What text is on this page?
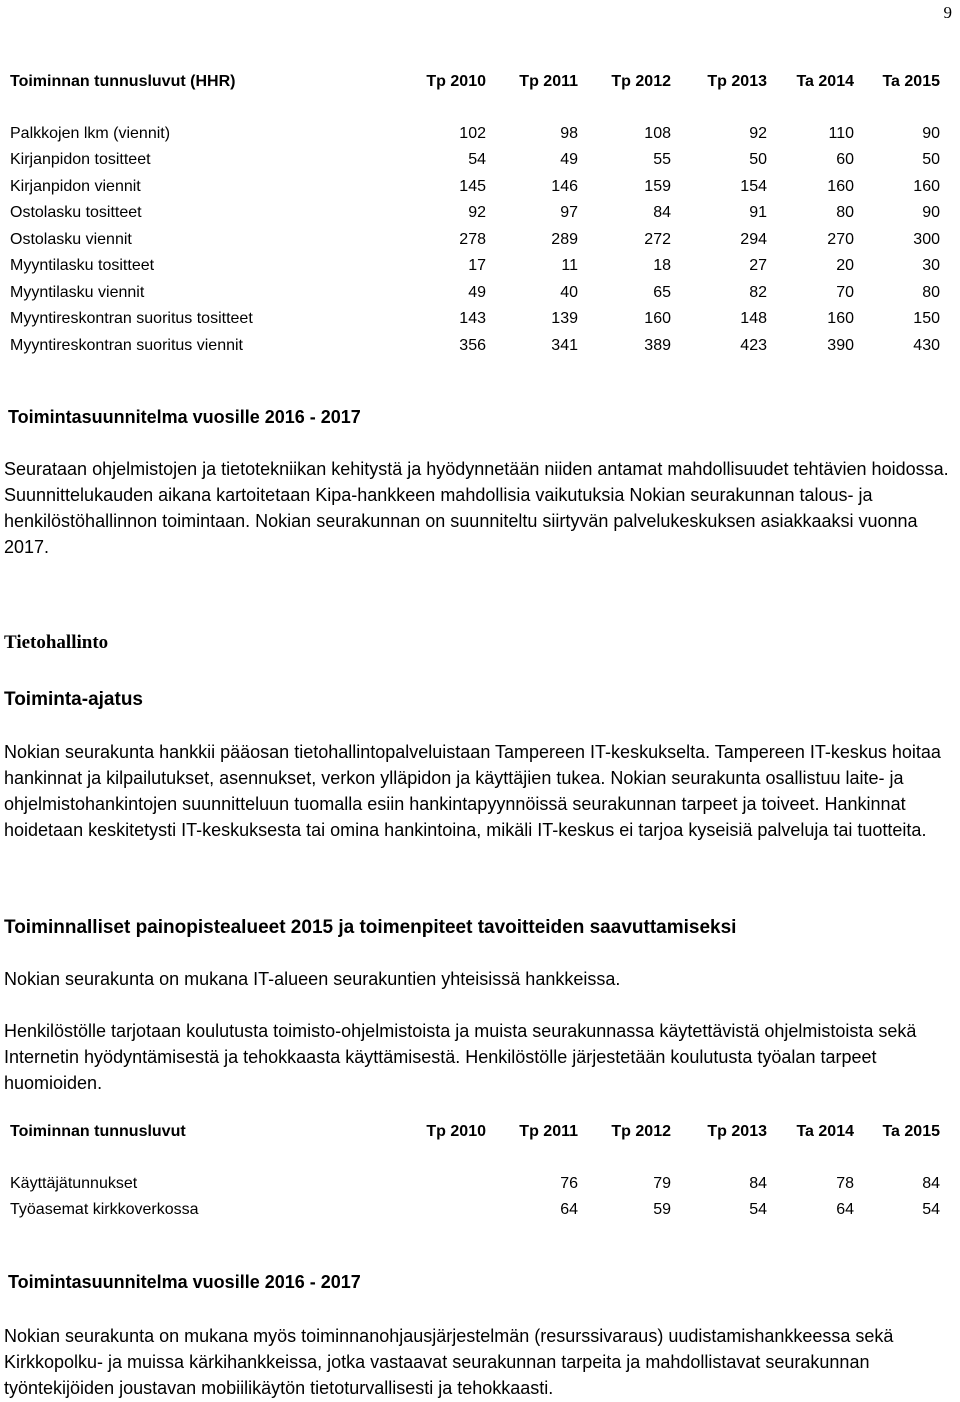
9
Toiminnan tunnusluvut (HHR)	Tp 2010	Tp 2011	Tp 2012	Tp 2013	Ta 2014	Ta 2015

Palkkojen lkm (viennit)	102	98	108	92	110	90
Kirjanpidon tositteet	54	49	55	50	60	50
Kirjanpidon viennit	145	146	159	154	160	160
Ostolasku tositteet	92	97	84	91	80	90
Ostolasku viennit	278	289	272	294	270	300
Myyntilasku tositteet	17	11	18	27	20	30
Myyntilasku viennit	49	40	65	82	70	80
Myyntireskontran suoritus tositteet	143	139	160	148	160	150
Myyntireskontran suoritus viennit	356	341	389	423	390	430
Toimintasuunnitelma vuosille 2016 - 2017

Seurataan ohjelmistojen ja tietotekniikan kehitystä ja hyödynnetään niiden antamat mahdollisuudet tehtävien hoidossa. Suunnittelukauden aikana kartoitetaan Kipa-hankkeen mahdollisia vaikutuksia Nokian seurakunnan talous- ja henkilöstöhallinnon toimintaan. Nokian seurakunnan on suunniteltu siirtyvän palvelukeskuksen asiakkaaksi vuonna 2017.

Tietohallinto
Toiminta-ajatus

Nokian seurakunta hankkii pääosan tietohallintopalveluistaan Tampereen IT-keskukselta. Tampereen IT-keskus hoitaa hankinnat ja kilpailutukset, asennukset, verkon ylläpidon ja käyttäjien tukea. Nokian seurakunta osallistuu laite- ja ohjelmistohankintojen suunnitteluun tuomalla esiin hankintapyynnöissä seurakunnan tarpeet ja toiveet. Hankinnat hoidetaan keskitetysti IT-keskuksesta tai omina hankintoina, mikäli IT-keskus ei tarjoa kyseisiä palveluja tai tuotteita.

Toiminnalliset painopistealueet 2015 ja toimenpiteet tavoitteiden saavuttamiseksi

Nokian seurakunta on mukana IT-alueen seurakuntien yhteisissä hankkeissa.

Henkilöstölle tarjotaan koulutusta toimisto-ohjelmistoista ja muista seurakunnassa käytettävistä ohjelmistoista sekä Internetin hyödyntämisestä ja tehokkaasta käyttämisestä. Henkilöstölle järjestetään koulutusta työalan tarpeet huomioiden.

Toiminnan tunnusluvut	Tp 2010	Tp 2011	Tp 2012	Tp 2013	Ta 2014	Ta 2015

Käyttäjätunnukset		76	79	84	78	84
Työasemat kirkkoverkossa		64	59	54	64	54
Toimintasuunnitelma vuosille 2016 - 2017

Nokian seurakunta on mukana myös toiminnanohjausjärjestelmän (resurssivaraus) uudistamishankkeessa sekä Kirkkopolku- ja muissa kärkihankkeissa, jotka vastaavat seurakunnan tarpeita ja mahdollistavat seurakunnan työntekijöiden joustavan mobiilikäytön tietoturvallisesti ja tehokkaasti.
